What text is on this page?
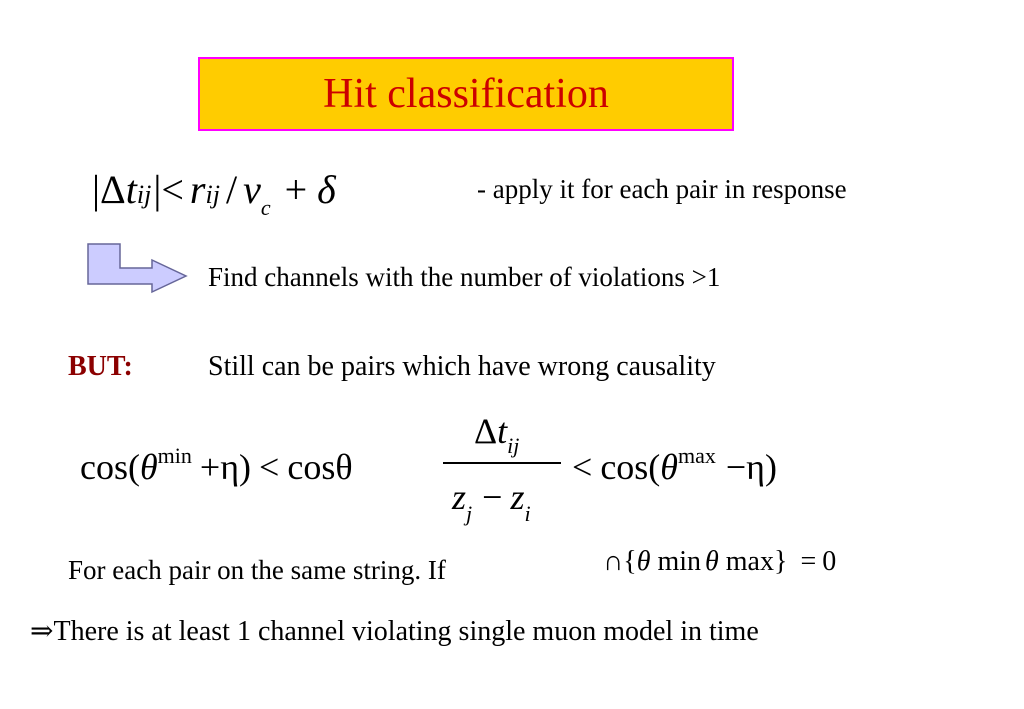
Hit classification
|Δtij|< rij / $v_c + \delta$	- apply it for each pair in response
Find channels with the number of violations >1
BUT:	Still can be pairs which have wrong causality
$\cos(\theta^{min} +\eta) < \cos\theta$
$\Delta t_{ij}$
$z_j - z_i$
< $\cos(\theta^{max} -\eta)$
For each pair on the same string. If	∩{θ min θ max} = 0
⇒There is at least 1 channel violating single muon model in time
